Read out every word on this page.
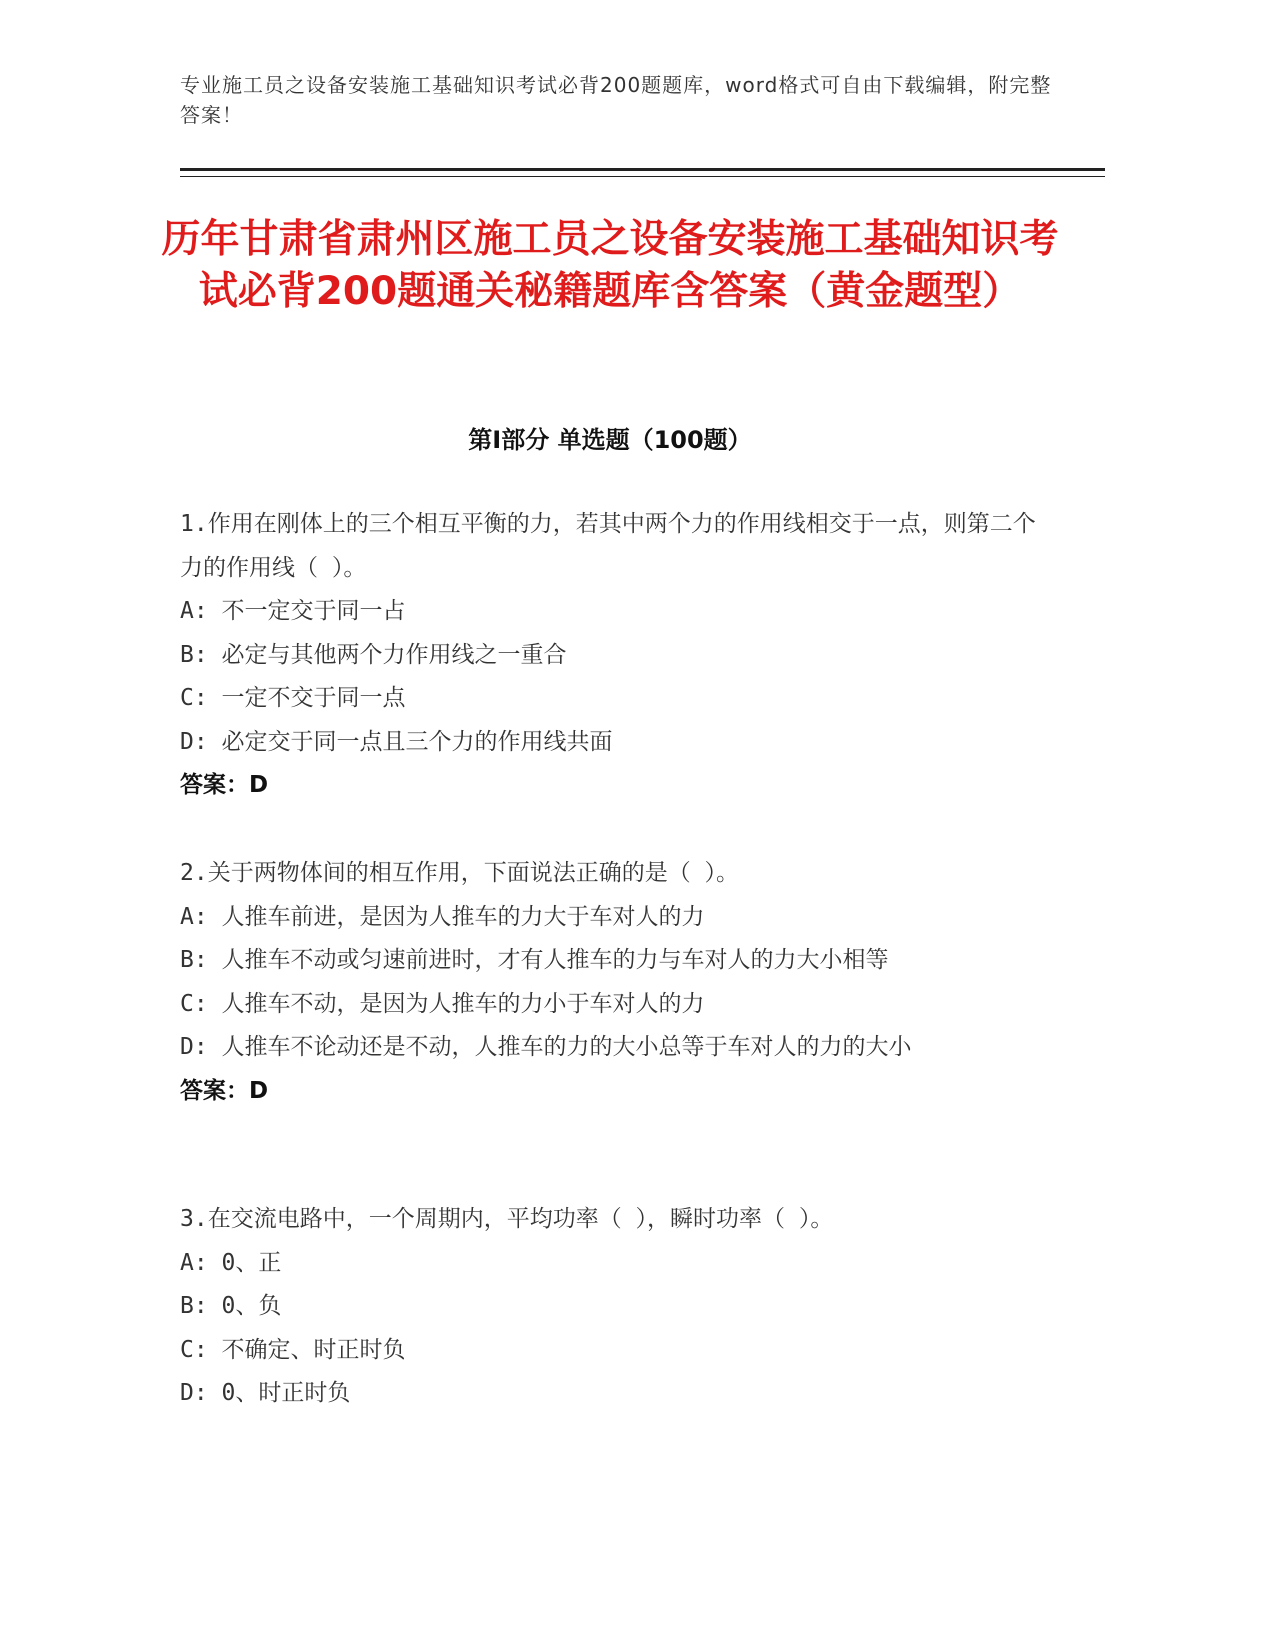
专业施工员之设备安装施工基础知识考试必背200题题库，word格式可自由下载编辑，附完整答案！
历年甘肃省肃州区施工员之设备安装施工基础知识考试必背200题通关秘籍题库含答案（黄金题型）
第I部分 单选题（100题）
1.作用在刚体上的三个相互平衡的力，若其中两个力的作用线相交于一点，则第二个力的作用线（ ）。
A: 不一定交于同一占
B: 必定与其他两个力作用线之一重合
C: 一定不交于同一点
D: 必定交于同一点且三个力的作用线共面
答案：D
2.关于两物体间的相互作用，下面说法正确的是（ ）。
A: 人推车前进，是因为人推车的力大于车对人的力
B: 人推车不动或匀速前进时，才有人推车的力与车对人的力大小相等
C: 人推车不动，是因为人推车的力小于车对人的力
D: 人推车不论动还是不动，人推车的力的大小总等于车对人的力的大小
答案：D
3.在交流电路中，一个周期内，平均功率（ ），瞬时功率（ ）。
A: 0、正
B: 0、负
C: 不确定、时正时负
D: 0、时正时负
